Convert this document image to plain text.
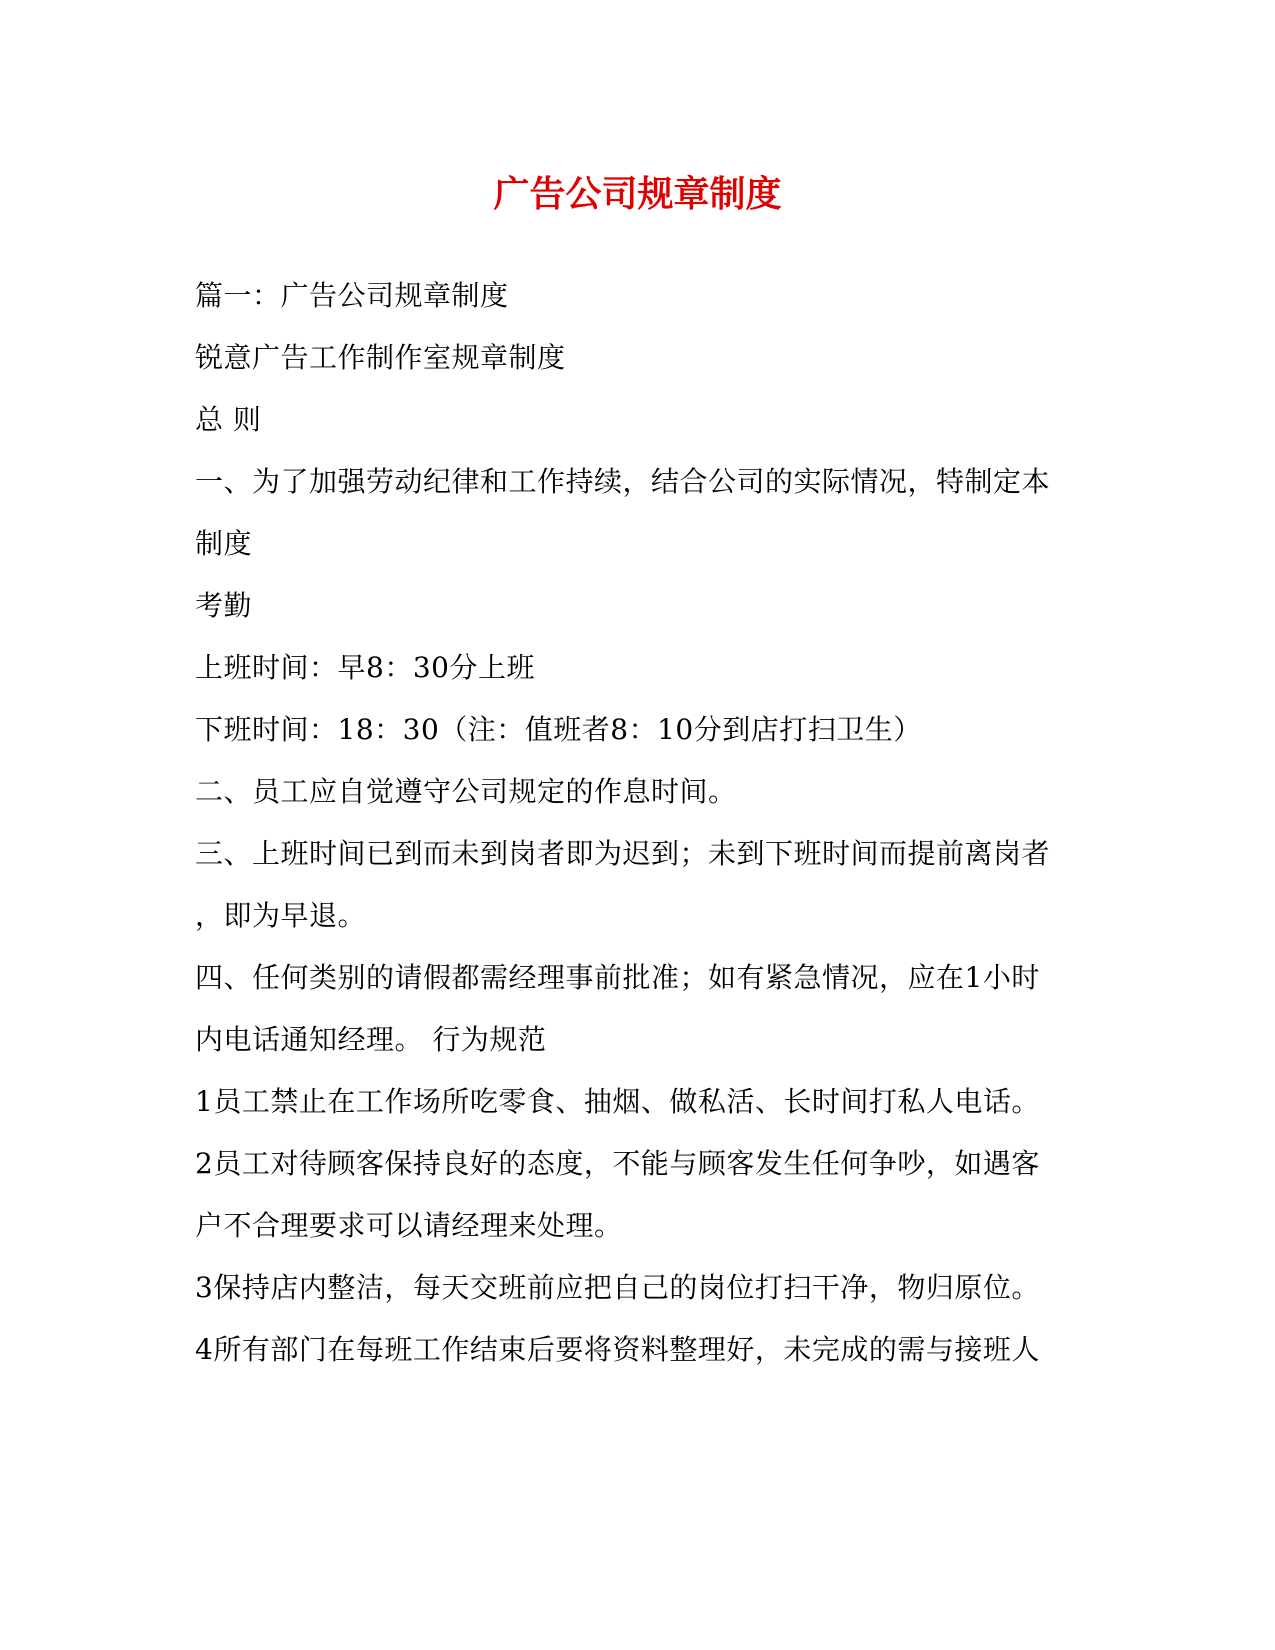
广告公司规章制度
篇一：广告公司规章制度
锐意广告工作制作室规章制度
总 则
一、为了加强劳动纪律和工作持续，结合公司的实际情况，特制定本
制度
考勤
上班时间：早8：30分上班
下班时间：18：30（注：值班者8：10分到店打扫卫生）
二、员工应自觉遵守公司规定的作息时间。
三、上班时间已到而未到岗者即为迟到；未到下班时间而提前离岗者
，即为早退。
四、任何类别的请假都需经理事前批准；如有紧急情况，应在1小时
内电话通知经理。 行为规范
1员工禁止在工作场所吃零食、抽烟、做私活、长时间打私人电话。
2员工对待顾客保持良好的态度，不能与顾客发生任何争吵，如遇客
户不合理要求可以请经理来处理。
3保持店内整洁，每天交班前应把自己的岗位打扫干净，物归原位。
4所有部门在每班工作结束后要将资料整理好，未完成的需与接班人
